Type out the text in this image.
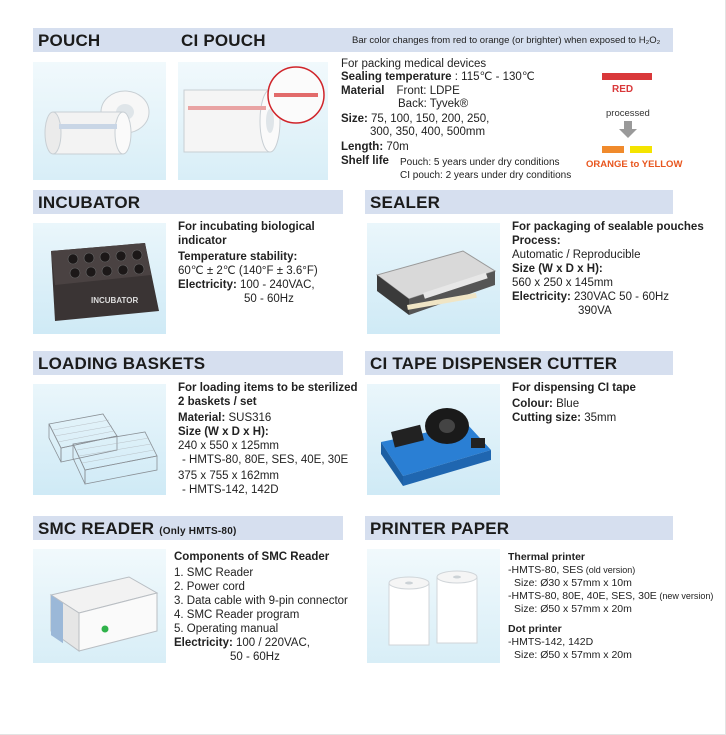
POUCH	CI POUCH	Bar color changes from red to orange (or brighter) when exposed to H₂O₂
For packing medical devices
Sealing temperature : 115℃ - 130℃
Material Front: LDPE
Back: Tyvek®
Size: 75, 100, 150, 200, 250,
300, 350, 400, 500mm
Length: 70m
Shelf life Pouch: 5 years under dry conditions
CI pouch: 2 years under dry conditions
RED
processed
ORANGE to YELLOW
INCUBATOR	SEALER
INCUBATOR
For incubating biological
indicator
Temperature stability:
60℃ ± 2℃ (140°F ± 3.6°F)
Electricity: 100 - 240VAC,
50 - 60Hz
For packaging of sealable pouches
Process:
Automatic / Reproducible
Size (W x D x H):
560 x 250 x 145mm
Electricity: 230VAC 50 - 60Hz
390VA
LOADING BASKETS	CI TAPE DISPENSER CUTTER
For loading items to be sterilized
2 baskets / set
Material: SUS316
Size (W x D x H):
240 x 550 x 125mm
- HMTS-80, 80E, SES, 40E, 30E
375 x 755 x 162mm
- HMTS-142, 142D
For dispensing CI tape
Colour: Blue
Cutting size: 35mm
SMC READER (Only HMTS-80)	PRINTER PAPER
Components of SMC Reader
1. SMC Reader
2. Power cord
3. Data cable with 9-pin connector
4. SMC Reader program
5. Operating manual
Electricity: 100 / 220VAC,
50 - 60Hz
Thermal printer
-HMTS-80, SES (old version)
Size: Ø30 x 57mm x 10m
-HMTS-80, 80E, 40E, SES, 30E (new version)
Size: Ø50 x 57mm x 20m
Dot printer
-HMTS-142, 142D
Size: Ø50 x 57mm x 20m
